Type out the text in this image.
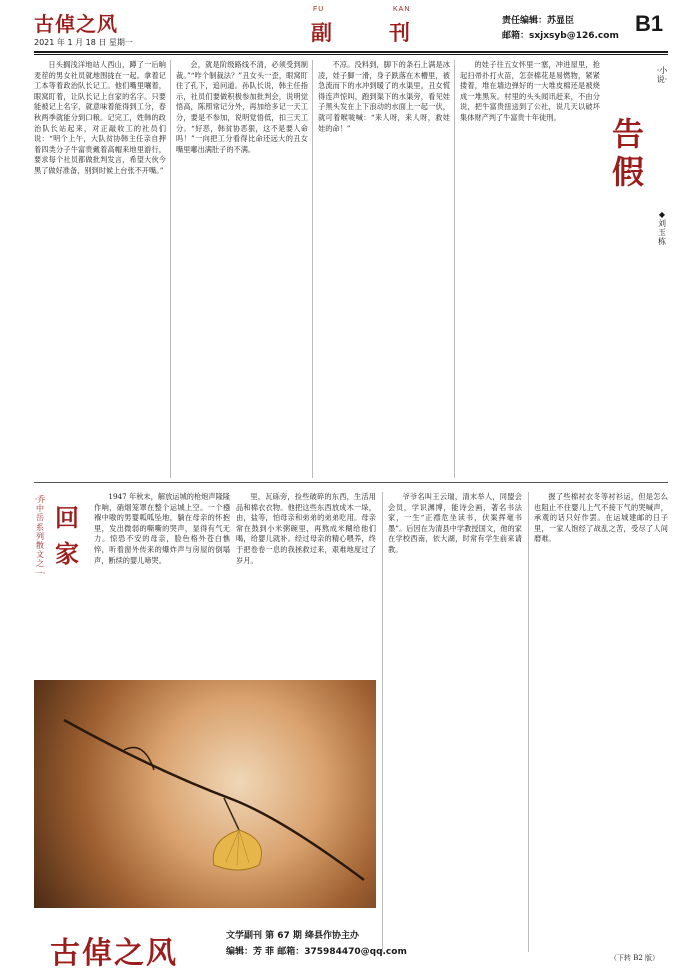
古倬之风
2021 年 1 月 18 日 星期一
FU	KAN
副	刊	责任编辑：苏显臣
邮箱：sxjxsyb@126.com B1

日头搁浅洋地站人西山，蹲了一后晌麦茬的男女社员就地围拢在一起。拿着记工本等着政治队长记工。他们嘴里嚷着，眼窝盯着，让队长记上自家的名字。只要能被记上名字，就意味着能得到工分，春秋两季就能分到口粮。记完工，姓韩的政治队长站起来，对正敲收工的社员们说：“明个上午，大队贫协韩主任亲自押着四类分子牛富贵戴着高帽来地里游行，要求每个社员都做批判发言，希望大伙今黑了做好准备，别到时候上台张不开嘴。”

会，就是阶级路线不清，必须受到制裁。”“咋个制裁法？”丑女头一歪，眼窝盯住了孔下，追问道。孙队长说，韩主任指示，社员们要做积极参加批判会，说明觉悟高，陈照常记分外，再加给多记一天工分，要是不参加，说明觉悟低，扣三天工分。“好恶，韩贫协恶狠，这不是要人命吗！”一向把工分看得比命还远大的丑女嘴里嘟出满肚子的不满。

不凉。没料到，脚下的条石上满是冰凌，娃子脚一滑，身子跌落在木槽里，被急流而下的水冲到暖了的水渠里。丑女慌得连声惊叫，跑到渠下的水渠旁，看见娃子黑头发在上下浪动的水面上一起一伏，就可着喉咙喊：“来人呀，来人呀，救娃娃的命！”

的娃子往五女怀里一塞，冲进屋里，抢起扫帚扑打火苗，怎奈棉花是易燃物，紧紧搂着，堆在墙边弹好的一大堆皮棉还是被烧成一堆黑灰。村里的头头闻讯赶来，不由分说，把牛富贵扭送到了公社，说几天以破坏集体财产判了牛富贵十年徒刑。

·小说·
告假
◆刘玉栋
·乔中岳系列散文之一·
回家

1947 年秋末，解放运城的枪炮声隆隆作响，硝烟笼罩在整个运城上空。一个襁褓中嗷的男婴呱呱坠地，躺在母亲的怀抱里，发出微弱的嘶嘶的哭声，显得有气无力。惊恐不安的母亲，脸色格外苍白憔悴，听着窗外传来的爆炸声与房屋的倒塌声，断续的婴儿啼哭。

里，瓦砾旁，捡些破碎的东西，生活用品和棉衣衣物。他把这些东西放成木一垛，由，盐等，怕母亲和弟弟的弟弟吃用。母亲常在鼓到小米粥碗里，再熬成米糊给他们喝，给婴儿就补。经过母亲的精心喂养，终于把卷卷一息的我拯救过来，艰难地度过了岁月。

爷爷名叫王云瑞，清末举人，同盟会会员，学识渊博，能诗会画，著名书法家，一生“正襟危坐读书，伏案挥毫书墨”。后因在为清县中学教授国文，他的家在学校西南，依大湖，时常有学生前来请教。

握了些棉衬衣冬等衬衫运，但是怎么也阻止不住婴儿上气不接下气的哭喊声，承观的话只好作罢。在运城建邮的日子里，一家人饱经了战乱之苦，受尽了人间磨难。

古倬之风	文学副刊 第 67 期 绛县作协主办
编辑：芳 菲 邮箱：375984470@qq.com
（下转 B2 版）
